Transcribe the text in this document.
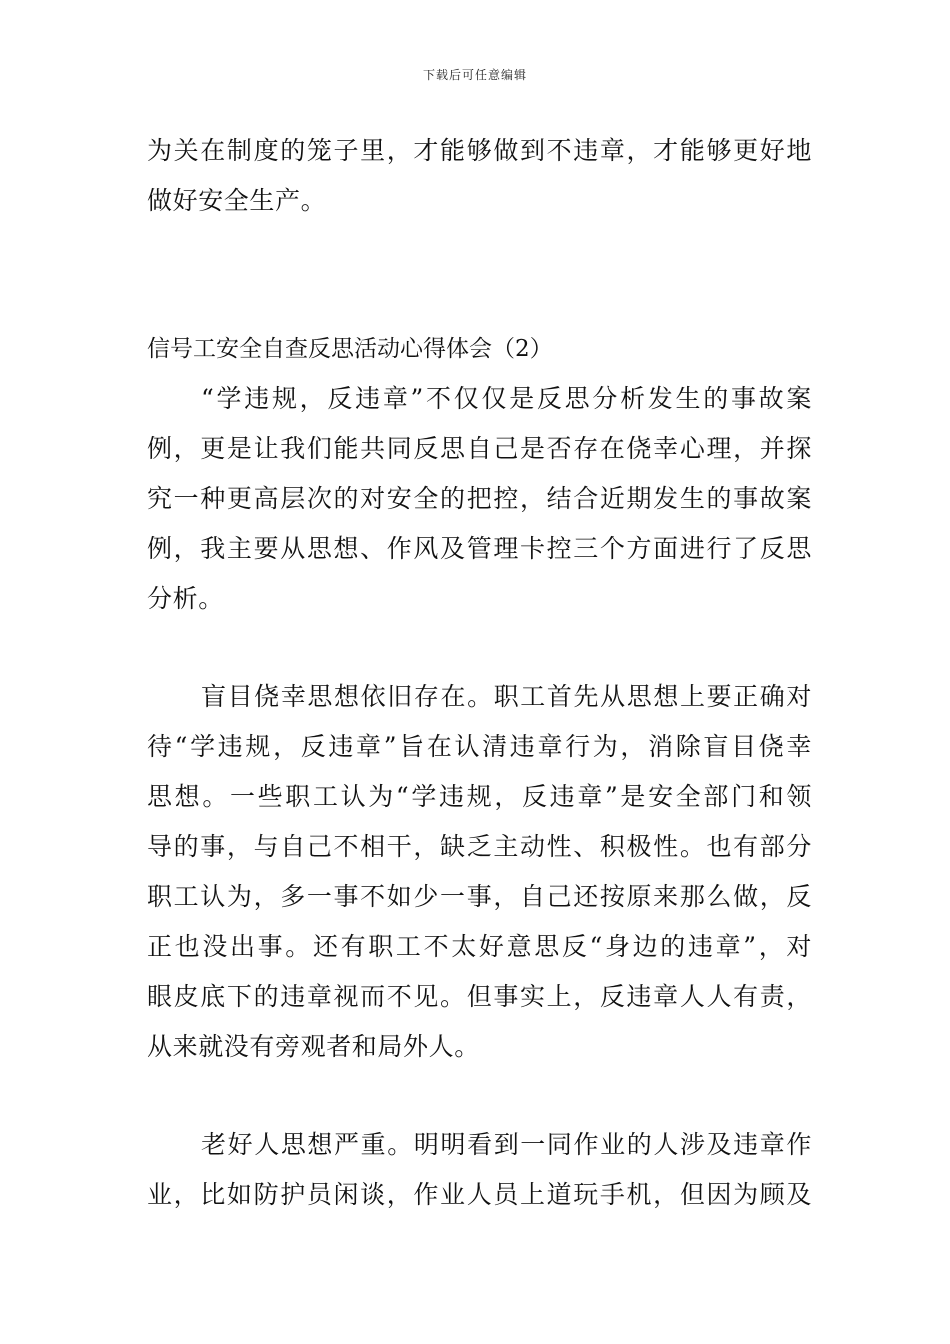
下载后可任意编辑
为关在制度的笼子里，才能够做到不违章，才能够更好地
做好安全生产。
信号工安全自查反思活动心得体会（2）
“学违规，反违章”不仅仅是反思分析发生的事故案
例，更是让我们能共同反思自己是否存在侥幸心理，并探
究一种更高层次的对安全的把控，结合近期发生的事故案
例，我主要从思想、作风及管理卡控三个方面进行了反思
分析。
盲目侥幸思想依旧存在。职工首先从思想上要正确对
待“学违规，反违章”旨在认清违章行为，消除盲目侥幸
思想。一些职工认为“学违规，反违章”是安全部门和领
导的事，与自己不相干，缺乏主动性、积极性。也有部分
职工认为，多一事不如少一事，自己还按原来那么做，反
正也没出事。还有职工不太好意思反“身边的违章”，对
眼皮底下的违章视而不见。但事实上，反违章人人有责，
从来就没有旁观者和局外人。
老好人思想严重。明明看到一同作业的人涉及违章作
业，比如防护员闲谈，作业人员上道玩手机，但因为顾及
